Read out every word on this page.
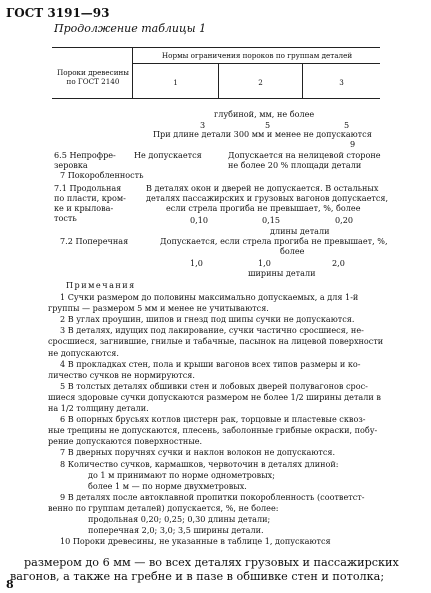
ГОСТ 3191—93
Продолжение таблицы 1
Пороки древесины
по ГОСТ 2140
Нормы ограничения пороков по группам деталей
1	2	3
глубиной, мм, не более
3	5	5
При длине детали 300 мм и менее не допускаются
9
6.5 Непрофре-
зеровка
Не допускается	Допускается на нелицевой стороне
не более 20 % площади детали
7 Покоробленность
7.1 Продольная
по пласти, кром-
ке и крылова-
тость
В деталях окон и дверей не допускается. В остальных
деталях пассажирских и грузовых вагонов допускается,
если стрела прогиба не превышает, %, более
0,10	0,15	0,20
длины детали
7.2 Поперечная	Допускается, если стрела прогиба не превышает, %,
более
1,0	1,0	2,0
ширины детали
Примечания
1 Сучки размером до половины максимально допускаемых, а для 1-й
группы — размером 5 мм и менее не учитываются.
2 В углах проушин, шипов и гнезд под шипы сучки не допускаются.
3 В деталях, идущих под лакирование, сучки частично сросшиеся, не-
сросшиеся, загнившие, гнилые и табачные, пасынок на лицевой поверхности
не допускаются.
4 В прокладках стен, пола и крыши вагонов всех типов размеры и ко-
личество сучков не нормируются.
5 В толстых деталях обшивки стен и лобовых дверей полувагонов срос-
шиеся здоровые сучки допускаются размером не более 1/2 ширины детали в
на 1/2 толщину детали.
6 В опорных брусьях котлов цистерн рак, торцовые и пластевые сквоз-
ные трещины не допускаются, плесень, заболонные грибные окраски, побу-
рение допускаются поверхностные.
7 В дверных поручнях сучки и наклон волокон не допускаются.
8 Количество сучков, кармашков, червоточин в деталях длиной:
до 1 м принимают по норме однометровых;
более 1 м — по норме двухметровых.
9 В деталях после автоклавной пропитки покоробленность (соответст-
венно по группам деталей) допускается, %, не более:
продольная 0,20; 0,25; 0,30 длины детали;
поперечная 2,0; 3,0; 3,5 ширины детали.
10 Пороки древесины, не указанные в таблице 1, допускаются
размером до 6 мм — во всех деталях грузовых и пассажирских
вагонов, а также на гребне и в пазе в обшивке стен и потолка;
8
